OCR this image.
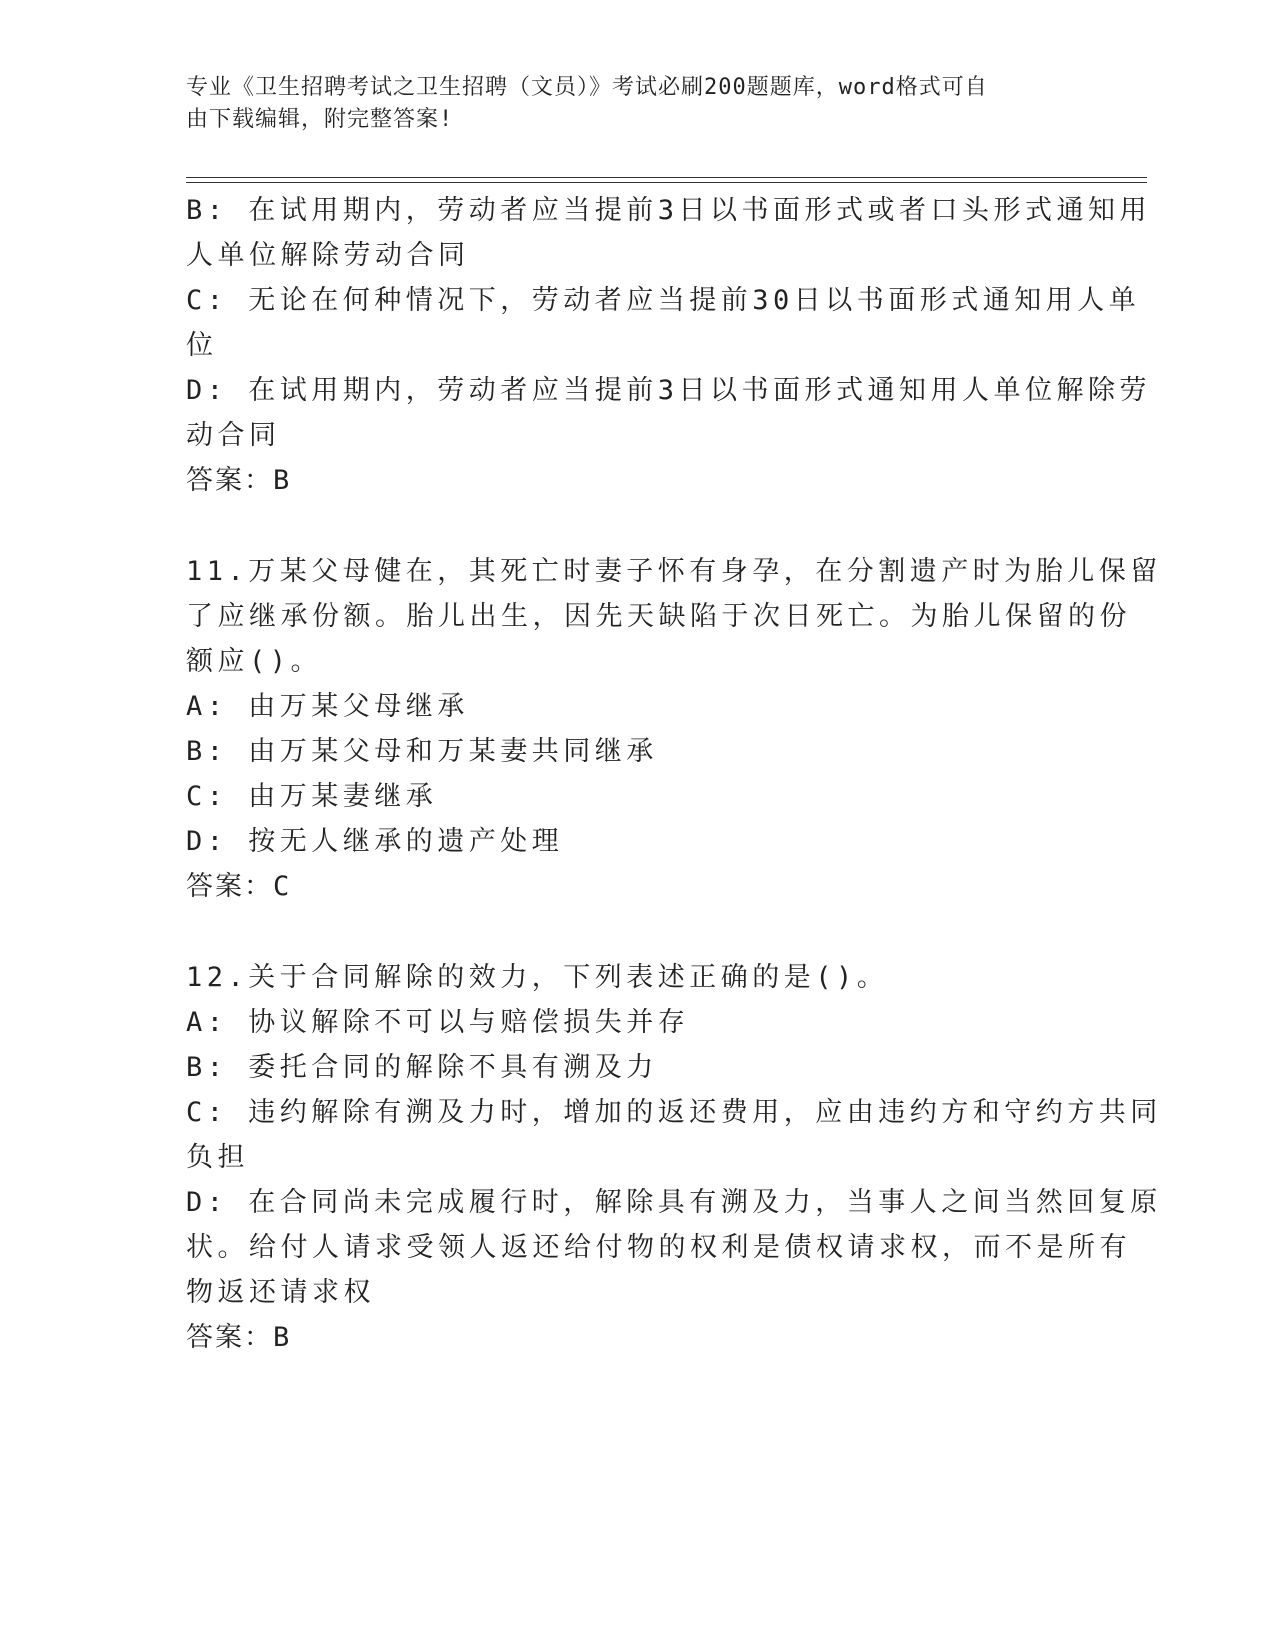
专业《卫生招聘考试之卫生招聘（文员）》考试必刷200题题库，word格式可自
由下载编辑，附完整答案!
B: 在试用期内，劳动者应当提前3日以书面形式或者口头形式通知用
人单位解除劳动合同
C: 无论在何种情况下，劳动者应当提前30日以书面形式通知用人单
位
D: 在试用期内，劳动者应当提前3日以书面形式通知用人单位解除劳
动合同
答案：B
11.万某父母健在，其死亡时妻子怀有身孕，在分割遗产时为胎儿保留
了应继承份额。胎儿出生，因先天缺陷于次日死亡。为胎儿保留的份
额应()。
A: 由万某父母继承
B: 由万某父母和万某妻共同继承
C: 由万某妻继承
D: 按无人继承的遗产处理
答案：C
12.关于合同解除的效力，下列表述正确的是()。
A: 协议解除不可以与赔偿损失并存
B: 委托合同的解除不具有溯及力
C: 违约解除有溯及力时，增加的返还费用，应由违约方和守约方共同
负担
D: 在合同尚未完成履行时，解除具有溯及力，当事人之间当然回复原
状。给付人请求受领人返还给付物的权利是债权请求权，而不是所有
物返还请求权
答案：B
